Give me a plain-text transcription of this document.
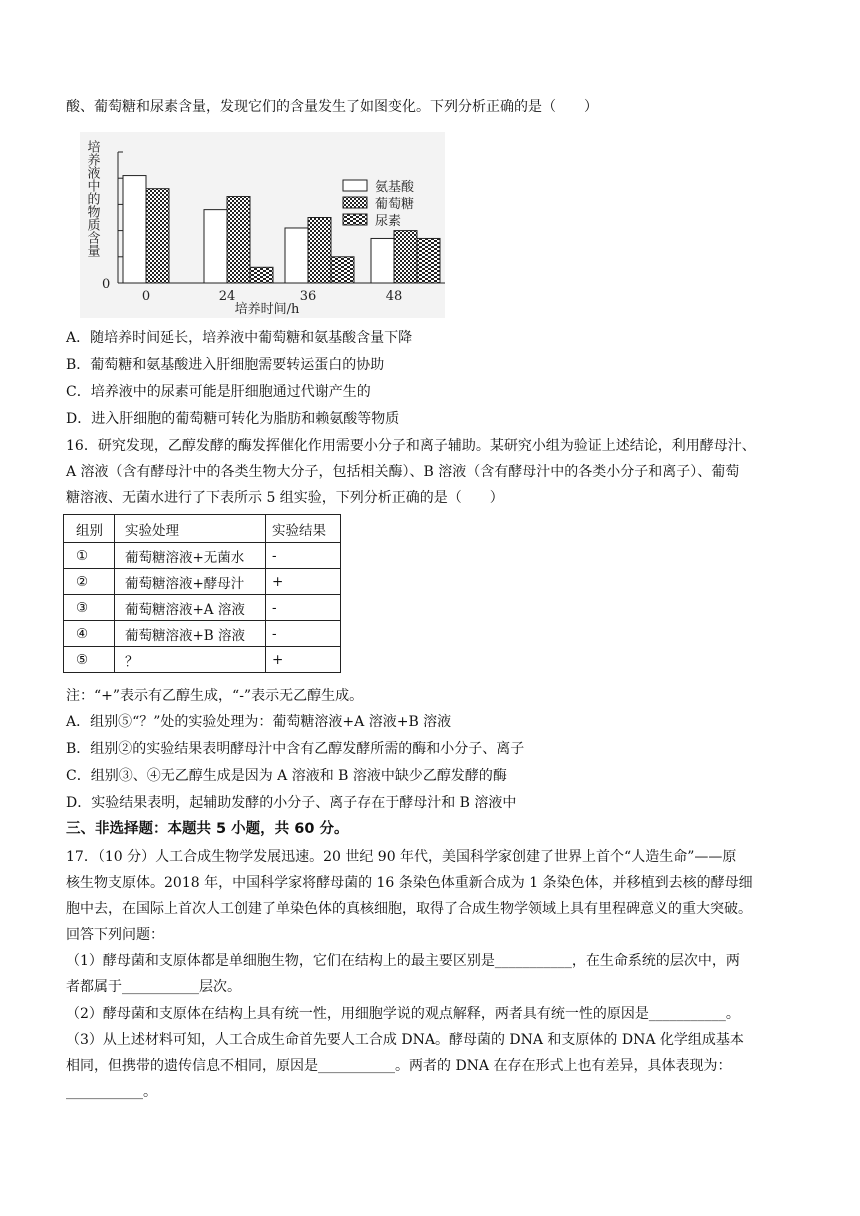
酸、葡萄糖和尿素含量，发现它们的含量发生了如图变化。下列分析正确的是（　　）
培养液中的物质含量
0
0	24	36	48
培养时间/h
氨基酸
葡萄糖
尿素
A．随培养时间延长，培养液中葡萄糖和氨基酸含量下降
B．葡萄糖和氨基酸进入肝细胞需要转运蛋白的协助
C．培养液中的尿素可能是肝细胞通过代谢产生的
D．进入肝细胞的葡萄糖可转化为脂肪和赖氨酸等物质
16．研究发现，乙醇发酵的酶发挥催化作用需要小分子和离子辅助。某研究小组为验证上述结论，利用酵母汁、
A 溶液（含有酵母汁中的各类生物大分子，包括相关酶）、B 溶液（含有酵母汁中的各类小分子和离子）、葡萄
糖溶液、无菌水进行了下表所示 5 组实验，下列分析正确的是（　　）
组别	实验处理	实验结果
①	葡萄糖溶液+无菌水	-
②	葡萄糖溶液+酵母汁	+
③	葡萄糖溶液+A 溶液	-
④	葡萄糖溶液+B 溶液	-
⑤	？	+
注：“+”表示有乙醇生成，“-”表示无乙醇生成。
A．组别⑤“？”处的实验处理为：葡萄糖溶液+A 溶液+B 溶液
B．组别②的实验结果表明酵母汁中含有乙醇发酵所需的酶和小分子、离子
C．组别③、④无乙醇生成是因为 A 溶液和 B 溶液中缺少乙醇发酵的酶
D．实验结果表明，起辅助发酵的小分子、离子存在于酵母汁和 B 溶液中
三、非选择题：本题共 5 小题，共 60 分。
17．（10 分）人工合成生物学发展迅速。20 世纪 90 年代，美国科学家创建了世界上首个“人造生命”——原
核生物支原体。2018 年，中国科学家将酵母菌的 16 条染色体重新合成为 1 条染色体，并移植到去核的酵母细
胞中去，在国际上首次人工创建了单染色体的真核细胞，取得了合成生物学领域上具有里程碑意义的重大突破。
回答下列问题：
（1）酵母菌和支原体都是单细胞生物，它们在结构上的最主要区别是___________，在生命系统的层次中，两
者都属于___________层次。
（2）酵母菌和支原体在结构上具有统一性，用细胞学说的观点解释，两者具有统一性的原因是___________。
（3）从上述材料可知，人工合成生命首先要人工合成 DNA。酵母菌的 DNA 和支原体的 DNA 化学组成基本
相同，但携带的遗传信息不相同，原因是___________。两者的 DNA 在存在形式上也有差异，具体表现为：
___________。
